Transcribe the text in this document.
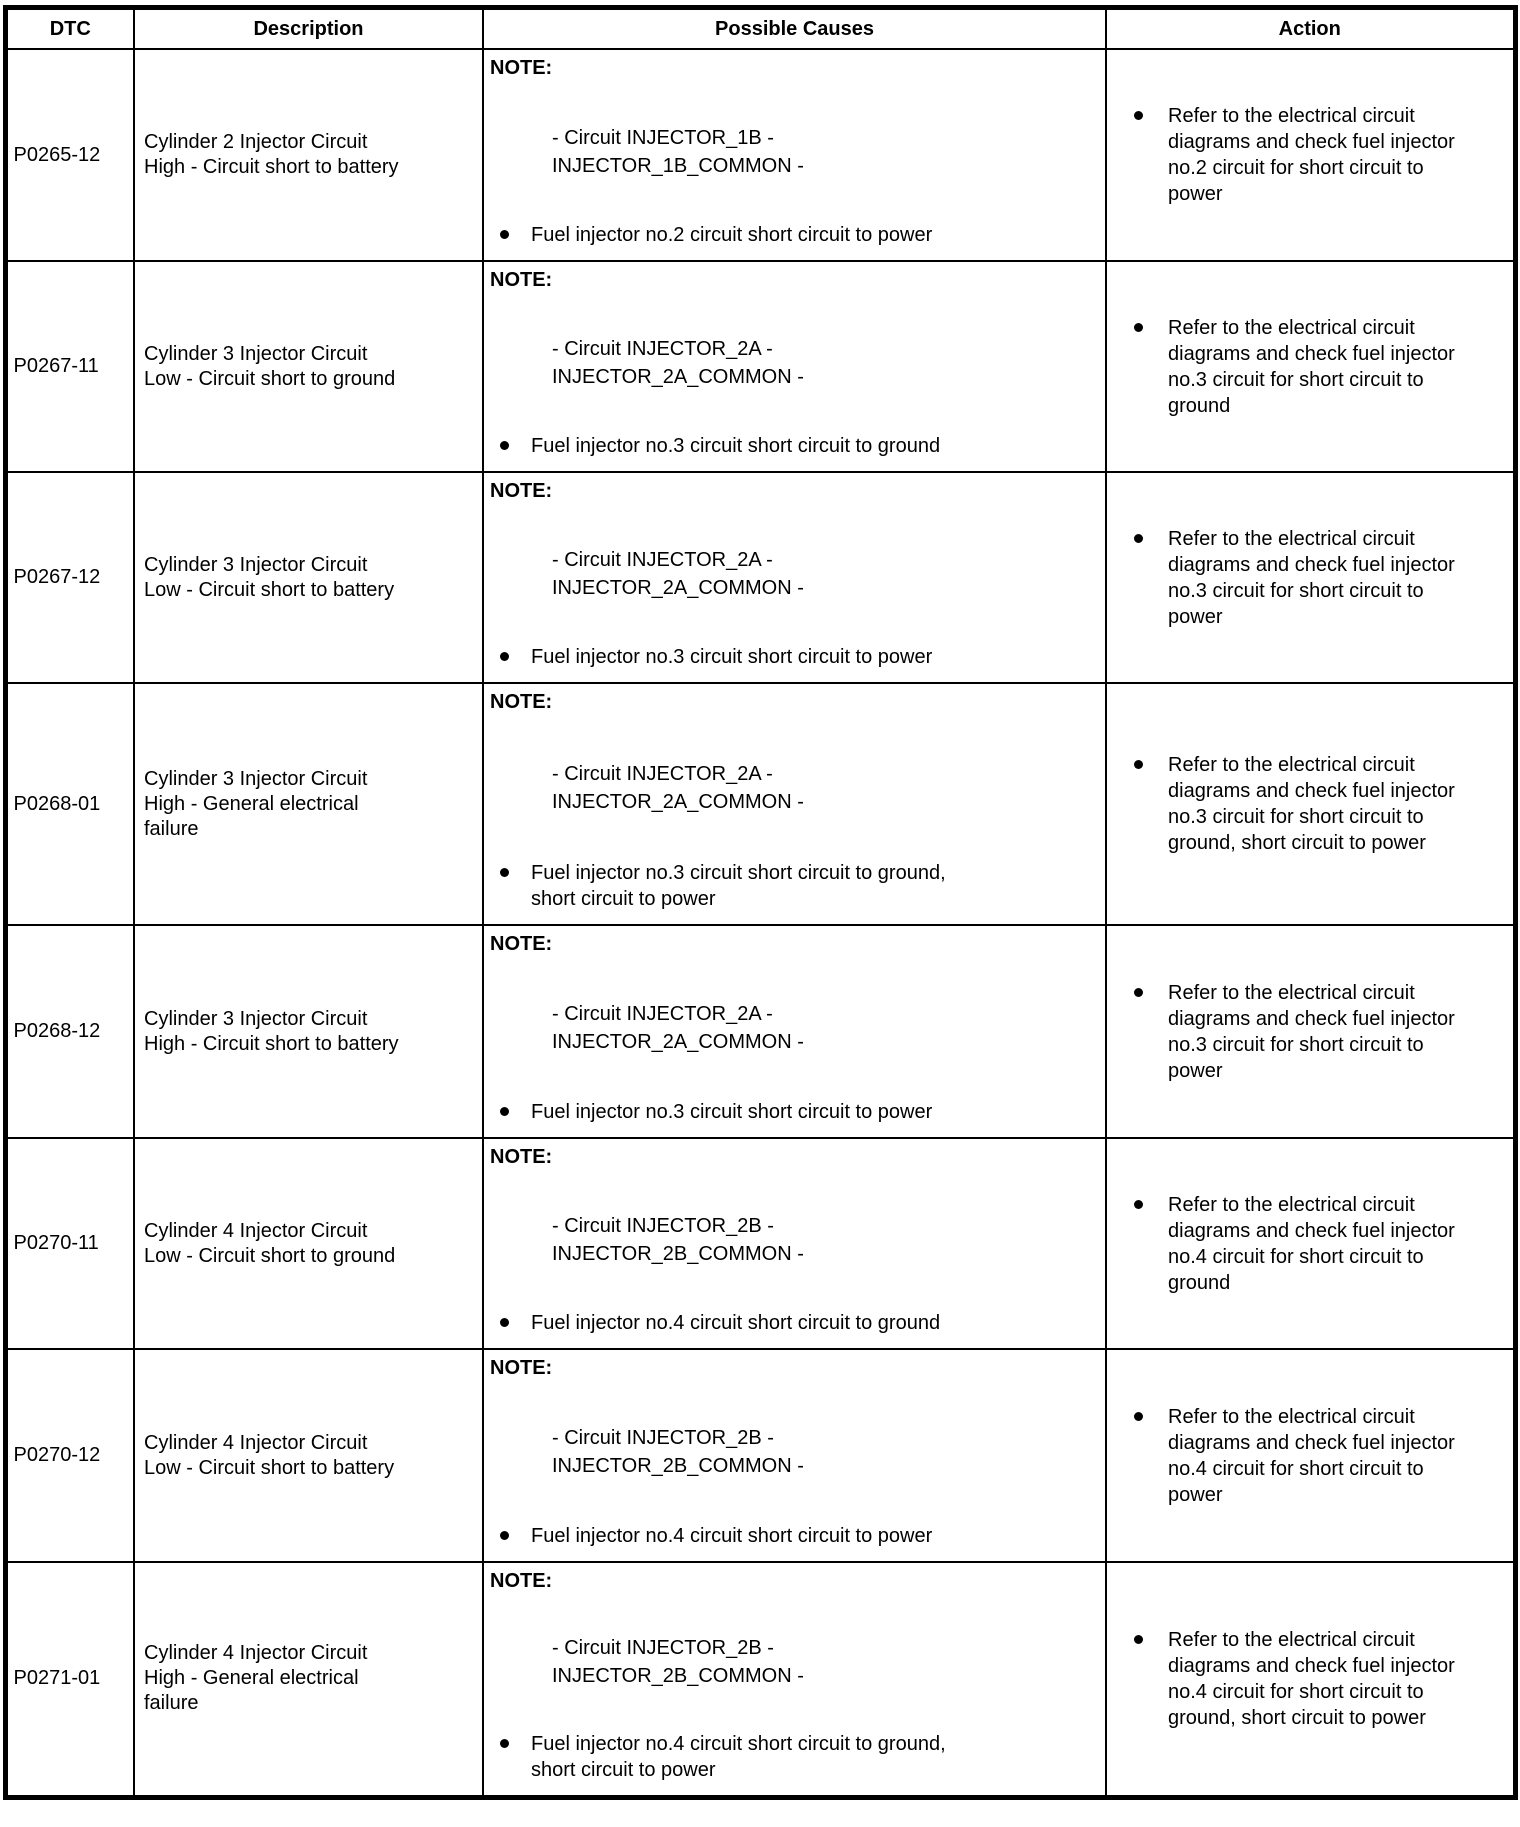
DTC	Description	Possible Causes	Action
P0265-12	Cylinder 2 Injector Circuit High - Circuit short to battery	NOTE:
- Circuit INJECTOR_1B -
INJECTOR_1B_COMMON -
Fuel injector no.2 circuit short circuit to power	Refer to the electrical circuit diagrams and check fuel injector no.2 circuit for short circuit to power

P0267-11	Cylinder 3 Injector Circuit Low - Circuit short to ground	NOTE:
- Circuit INJECTOR_2A -
INJECTOR_2A_COMMON -
Fuel injector no.3 circuit short circuit to ground	Refer to the electrical circuit diagrams and check fuel injector no.3 circuit for short circuit to ground

P0267-12	Cylinder 3 Injector Circuit Low - Circuit short to battery	NOTE:
- Circuit INJECTOR_2A -
INJECTOR_2A_COMMON -
Fuel injector no.3 circuit short circuit to power	Refer to the electrical circuit diagrams and check fuel injector no.3 circuit for short circuit to power

P0268-01	Cylinder 3 Injector Circuit High - General electrical failure	NOTE:
- Circuit INJECTOR_2A -
INJECTOR_2A_COMMON -
Fuel injector no.3 circuit short circuit to ground, short circuit to power	Refer to the electrical circuit diagrams and check fuel injector no.3 circuit for short circuit to ground, short circuit to power

P0268-12	Cylinder 3 Injector Circuit High - Circuit short to battery	NOTE:
- Circuit INJECTOR_2A -
INJECTOR_2A_COMMON -
Fuel injector no.3 circuit short circuit to power	Refer to the electrical circuit diagrams and check fuel injector no.3 circuit for short circuit to power

P0270-11	Cylinder 4 Injector Circuit Low - Circuit short to ground	NOTE:
- Circuit INJECTOR_2B -
INJECTOR_2B_COMMON -
Fuel injector no.4 circuit short circuit to ground	Refer to the electrical circuit diagrams and check fuel injector no.4 circuit for short circuit to ground

P0270-12	Cylinder 4 Injector Circuit Low - Circuit short to battery	NOTE:
- Circuit INJECTOR_2B -
INJECTOR_2B_COMMON -
Fuel injector no.4 circuit short circuit to power	Refer to the electrical circuit diagrams and check fuel injector no.4 circuit for short circuit to power

P0271-01	Cylinder 4 Injector Circuit High - General electrical failure	NOTE:
- Circuit INJECTOR_2B -
INJECTOR_2B_COMMON -
Fuel injector no.4 circuit short circuit to ground, short circuit to power	Refer to the electrical circuit diagrams and check fuel injector no.4 circuit for short circuit to ground, short circuit to power
